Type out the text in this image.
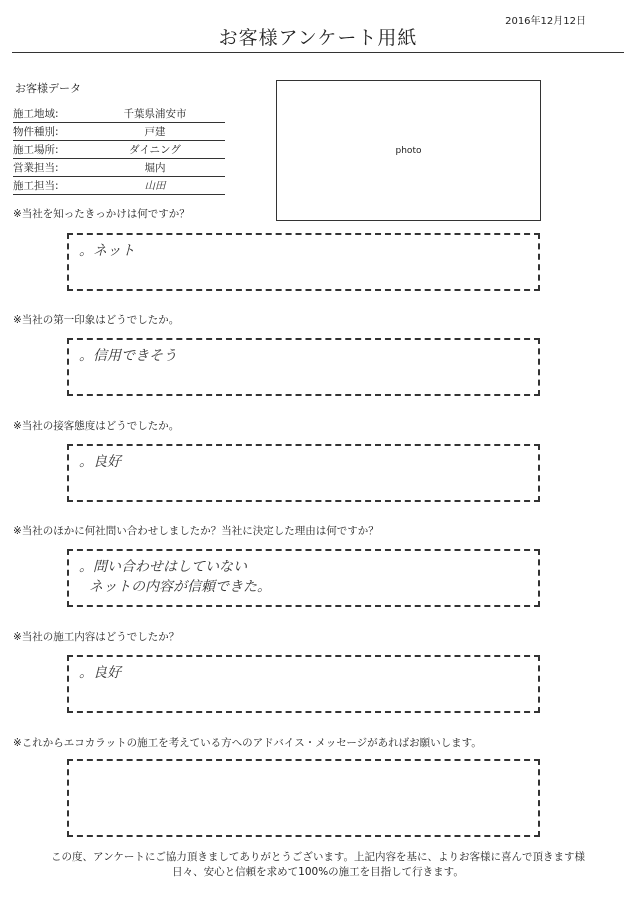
2016年12月12日
お客様アンケート用紙
お客様データ
施工地域:	千葉県浦安市
物件種別:	戸建
施工場所:	ダイニング
営業担当:	堀内
施工担当:	山田
photo
※当社を知ったきっかけは何ですか？
。ネット
※当社の第一印象はどうでしたか。
。信用できそう
※当社の接客態度はどうでしたか。
。良好
※当社のほかに何社問い合わせしましたか？当社に決定した理由は何ですか？
。問い合わせはしていない
ネットの内容が信頼できた。
※当社の施工内容はどうでしたか？
。良好
※これからエコカラットの施工を考えている方へのアドバイス・メッセージがあればお願いします。
この度、アンケートにご協力頂きましてありがとうございます。上記内容を基に、よりお客様に喜んで頂きます様
日々、安心と信頼を求めて100%の施工を目指して行きます。
